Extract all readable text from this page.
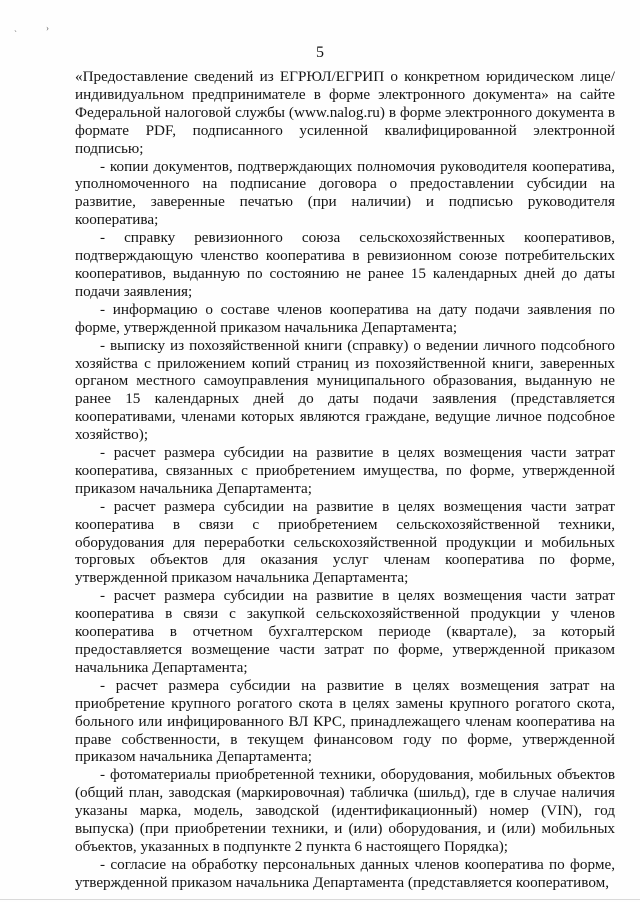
`
›
5

«Предоставление сведений из ЕГРЮЛ/ЕГРИП о конкретном юридическом лице/индивидуальном предпринимателе в форме электронного документа» на сайте Федеральной налоговой службы (www.nalog.ru) в форме электронного документа в формате PDF, подписанного усиленной квалифицированной электронной подписью;

- копии документов, подтверждающих полномочия руководителя кооператива, уполномоченного на подписание договора о предоставлении субсидии на развитие, заверенные печатью (при наличии) и подписью руководителя кооператива;

- справку ревизионного союза сельскохозяйственных кооперативов, подтверждающую членство кооператива в ревизионном союзе потребительских кооперативов, выданную по состоянию не ранее 15 календарных дней до даты подачи заявления;

- информацию о составе членов кооператива на дату подачи заявления по форме, утвержденной приказом начальника Департамента;

- выписку из похозяйственной книги (справку) о ведении личного подсобного хозяйства с приложением копий страниц из похозяйственной книги, заверенных органом местного самоуправления муниципального образования, выданную не ранее 15 календарных дней до даты подачи заявления (представляется кооперативами, членами которых являются граждане, ведущие личное подсобное хозяйство);

- расчет размера субсидии на развитие в целях возмещения части затрат кооператива, связанных с приобретением имущества, по форме, утвержденной приказом начальника Департамента;

- расчет размера субсидии на развитие в целях возмещения части затрат кооператива в связи с приобретением сельскохозяйственной техники, оборудования для переработки сельскохозяйственной продукции и мобильных торговых объектов для оказания услуг членам кооператива по форме, утвержденной приказом начальника Департамента;

- расчет размера субсидии на развитие в целях возмещения части затрат кооператива в связи с закупкой сельскохозяйственной продукции у членов кооператива в отчетном бухгалтерском периоде (квартале), за который предоставляется возмещение части затрат по форме, утвержденной приказом начальника Департамента;

- расчет размера субсидии на развитие в целях возмещения затрат на приобретение крупного рогатого скота в целях замены крупного рогатого скота, больного или инфицированного ВЛ КРС, принадлежащего членам кооператива на праве собственности, в текущем финансовом году по форме, утвержденной приказом начальника Департамента;

- фотоматериалы приобретенной техники, оборудования, мобильных объектов (общий план, заводская (маркировочная) табличка (шильд), где в случае наличия указаны марка, модель, заводской (идентификационный) номер (VIN), год выпуска) (при приобретении техники, и (или) оборудования, и (или) мобильных объектов, указанных в подпункте 2 пункта 6 настоящего Порядка);

- согласие на обработку персональных данных членов кооператива по форме, утвержденной приказом начальника Департамента (представляется кооперативом,
